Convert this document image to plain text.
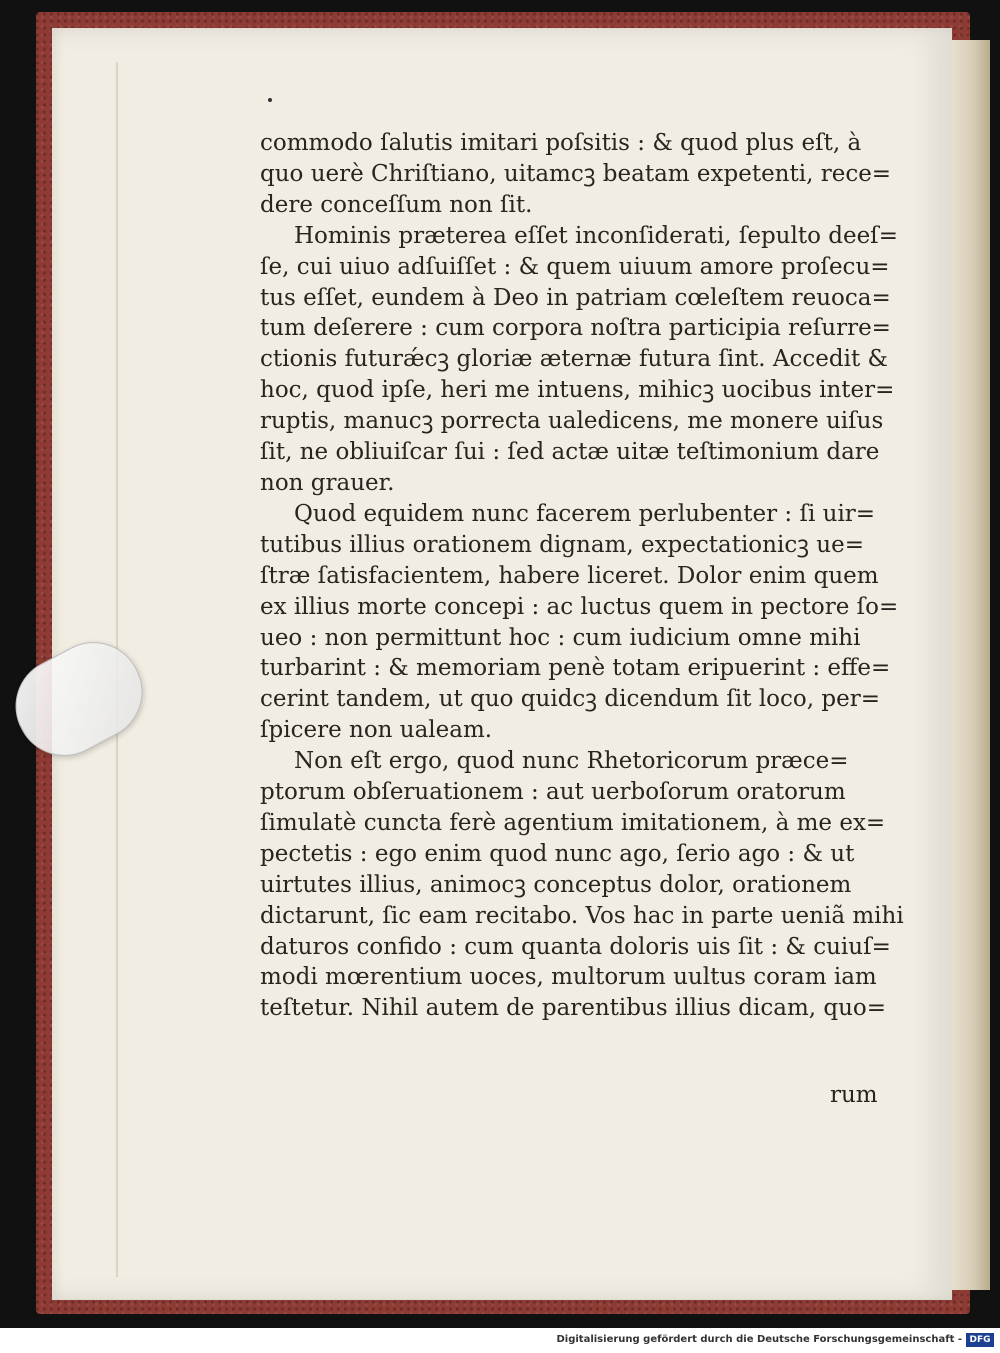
commodo ſalutis imitari poſsitis : & quod plus eſt, à
quo uerè Chriſtiano, uitamcꝫ beatam expetenti, rece=
dere conceſſum non ſit.
Hominis præterea eſſet inconſiderati, ſepulto deeſ=
ſe, cui uiuo adſuiſſet : & quem uiuum amore proſecu=
tus eſſet, eundem à Deo in patriam cœleſtem reuoca=
tum deſerere : cum corpora noſtra participia reſurre=
ctionis futurǽcꝫ gloriæ æternæ futura ſint. Accedit &
hoc, quod ipſe, heri me intuens, mihicꝫ uocibus inter=
ruptis, manucꝫ porrecta ualedicens, me monere uiſus
ſit, ne obliuiſcar ſui : ſed actæ uitæ teſtimonium dare
non grauer.
Quod equidem nunc facerem perlubenter : ſi uir=
tutibus illius orationem dignam, expectationicꝫ ue=
ſtræ ſatisfacientem, habere liceret. Dolor enim quem
ex illius morte concepi : ac luctus quem in pectore ſo=
ueo : non permittunt hoc : cum iudicium omne mihi
turbarint : & memoriam penè totam eripuerint : effe=
cerint tandem, ut quo quidcꝫ dicendum ſit loco, per=
ſpicere non ualeam.
Non eſt ergo, quod nunc Rhetoricorum præce=
ptorum obſeruationem : aut uerboſorum oratorum
ſimulatè cuncta ferè agentium imitationem, à me ex=
pectetis : ego enim quod nunc ago, ſerio ago : & ut
uirtutes illius, animocꝫ conceptus dolor, orationem
dictarunt, ſic eam recitabo. Vos hac in parte ueniã mihi
daturos confido : cum quanta doloris uis ſit : & cuiuſ=
modi mœrentium uoces, multorum uultus coram iam
teſtetur. Nihil autem de parentibus illius dicam, quo=
rum
Digitalisierung gefördert durch die Deutsche Forschungsgemeinschaft - DFG
